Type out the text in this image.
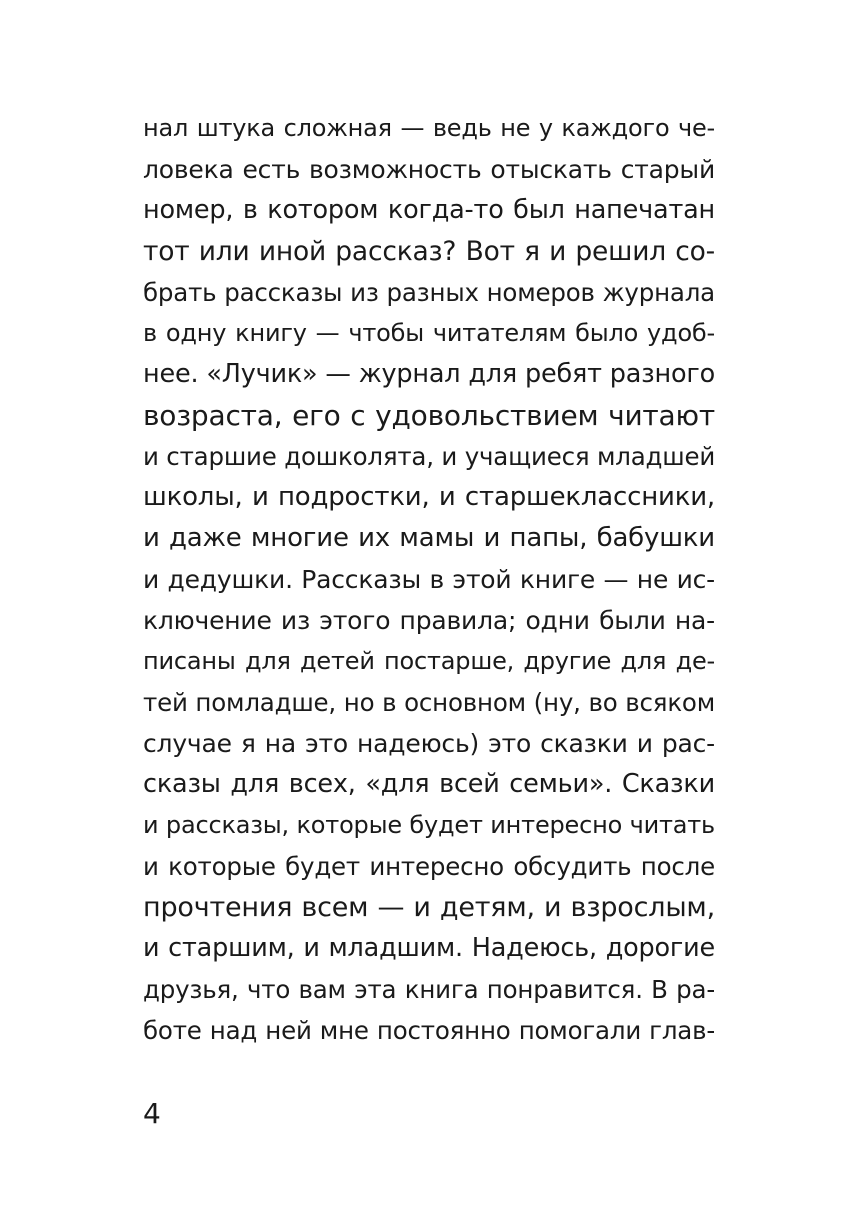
нал штука сложная — ведь не у каждого че-
ловека есть возможность отыскать старый
номер, в котором когда-то был напечатан
тот или иной рассказ? Вот я и решил со-
брать рассказы из разных номеров журнала
в одну книгу — чтобы читателям было удоб-
нее. «Лучик» — журнал для ребят разного
возраста, его с удовольствием читают
и старшие дошколята, и учащиеся младшей
школы, и подростки, и старшеклассники,
и даже многие их мамы и папы, бабушки
и дедушки. Рассказы в этой книге — не ис-
ключение из этого правила; одни были на-
писаны для детей постарше, другие для де-
тей помладше, но в основном (ну, во всяком
случае я на это надеюсь) это сказки и рас-
сказы для всех, «для всей семьи». Сказки
и рассказы, которые будет интересно читать
и которые будет интересно обсудить после
прочтения всем — и детям, и взрослым,
и старшим, и младшим. Надеюсь, дорогие
друзья, что вам эта книга понравится. В ра-
боте над ней мне постоянно помогали глав-
4
